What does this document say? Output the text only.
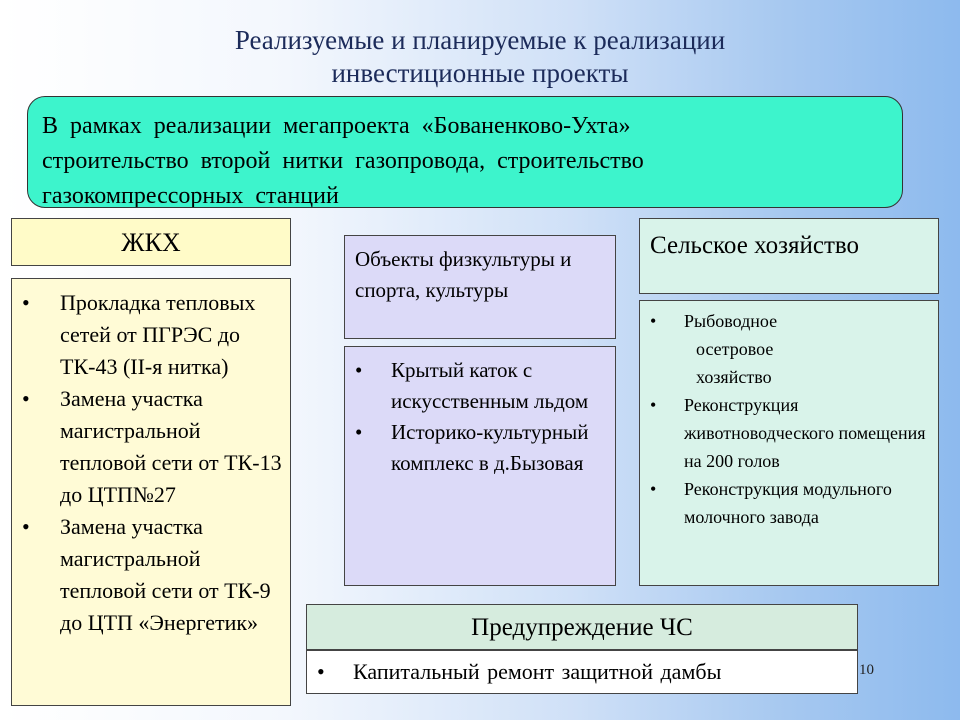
Реализуемые и планируемые к реализации
инвестиционные проекты
В рамках реализации мегапроекта «Бованенково-Ухта»
строительство второй нитки газопровода, строительство
газокомпрессорных станций
ЖКХ
• Прокладка тепловых сетей от ПГРЭС до ТК-43 (II-я нитка)
• Замена участка магистральной тепловой сети от ТК-13 до ЦТП№27
• Замена участка магистральной тепловой сети от ТК-9 до ЦТП «Энергетик»
Объекты физкультуры и спорта, культуры
• Крытый каток с искусственным льдом
• Историко-культурный комплекс в д.Бызовая
Сельское хозяйство
• Рыбоводное
осетровое
хозяйство
• Реконструкция животноводческого помещения на 200 голов
• Реконструкция модульного молочного завода
Предупреждение ЧС
• Капитальный ремонт защитной дамбы	10
